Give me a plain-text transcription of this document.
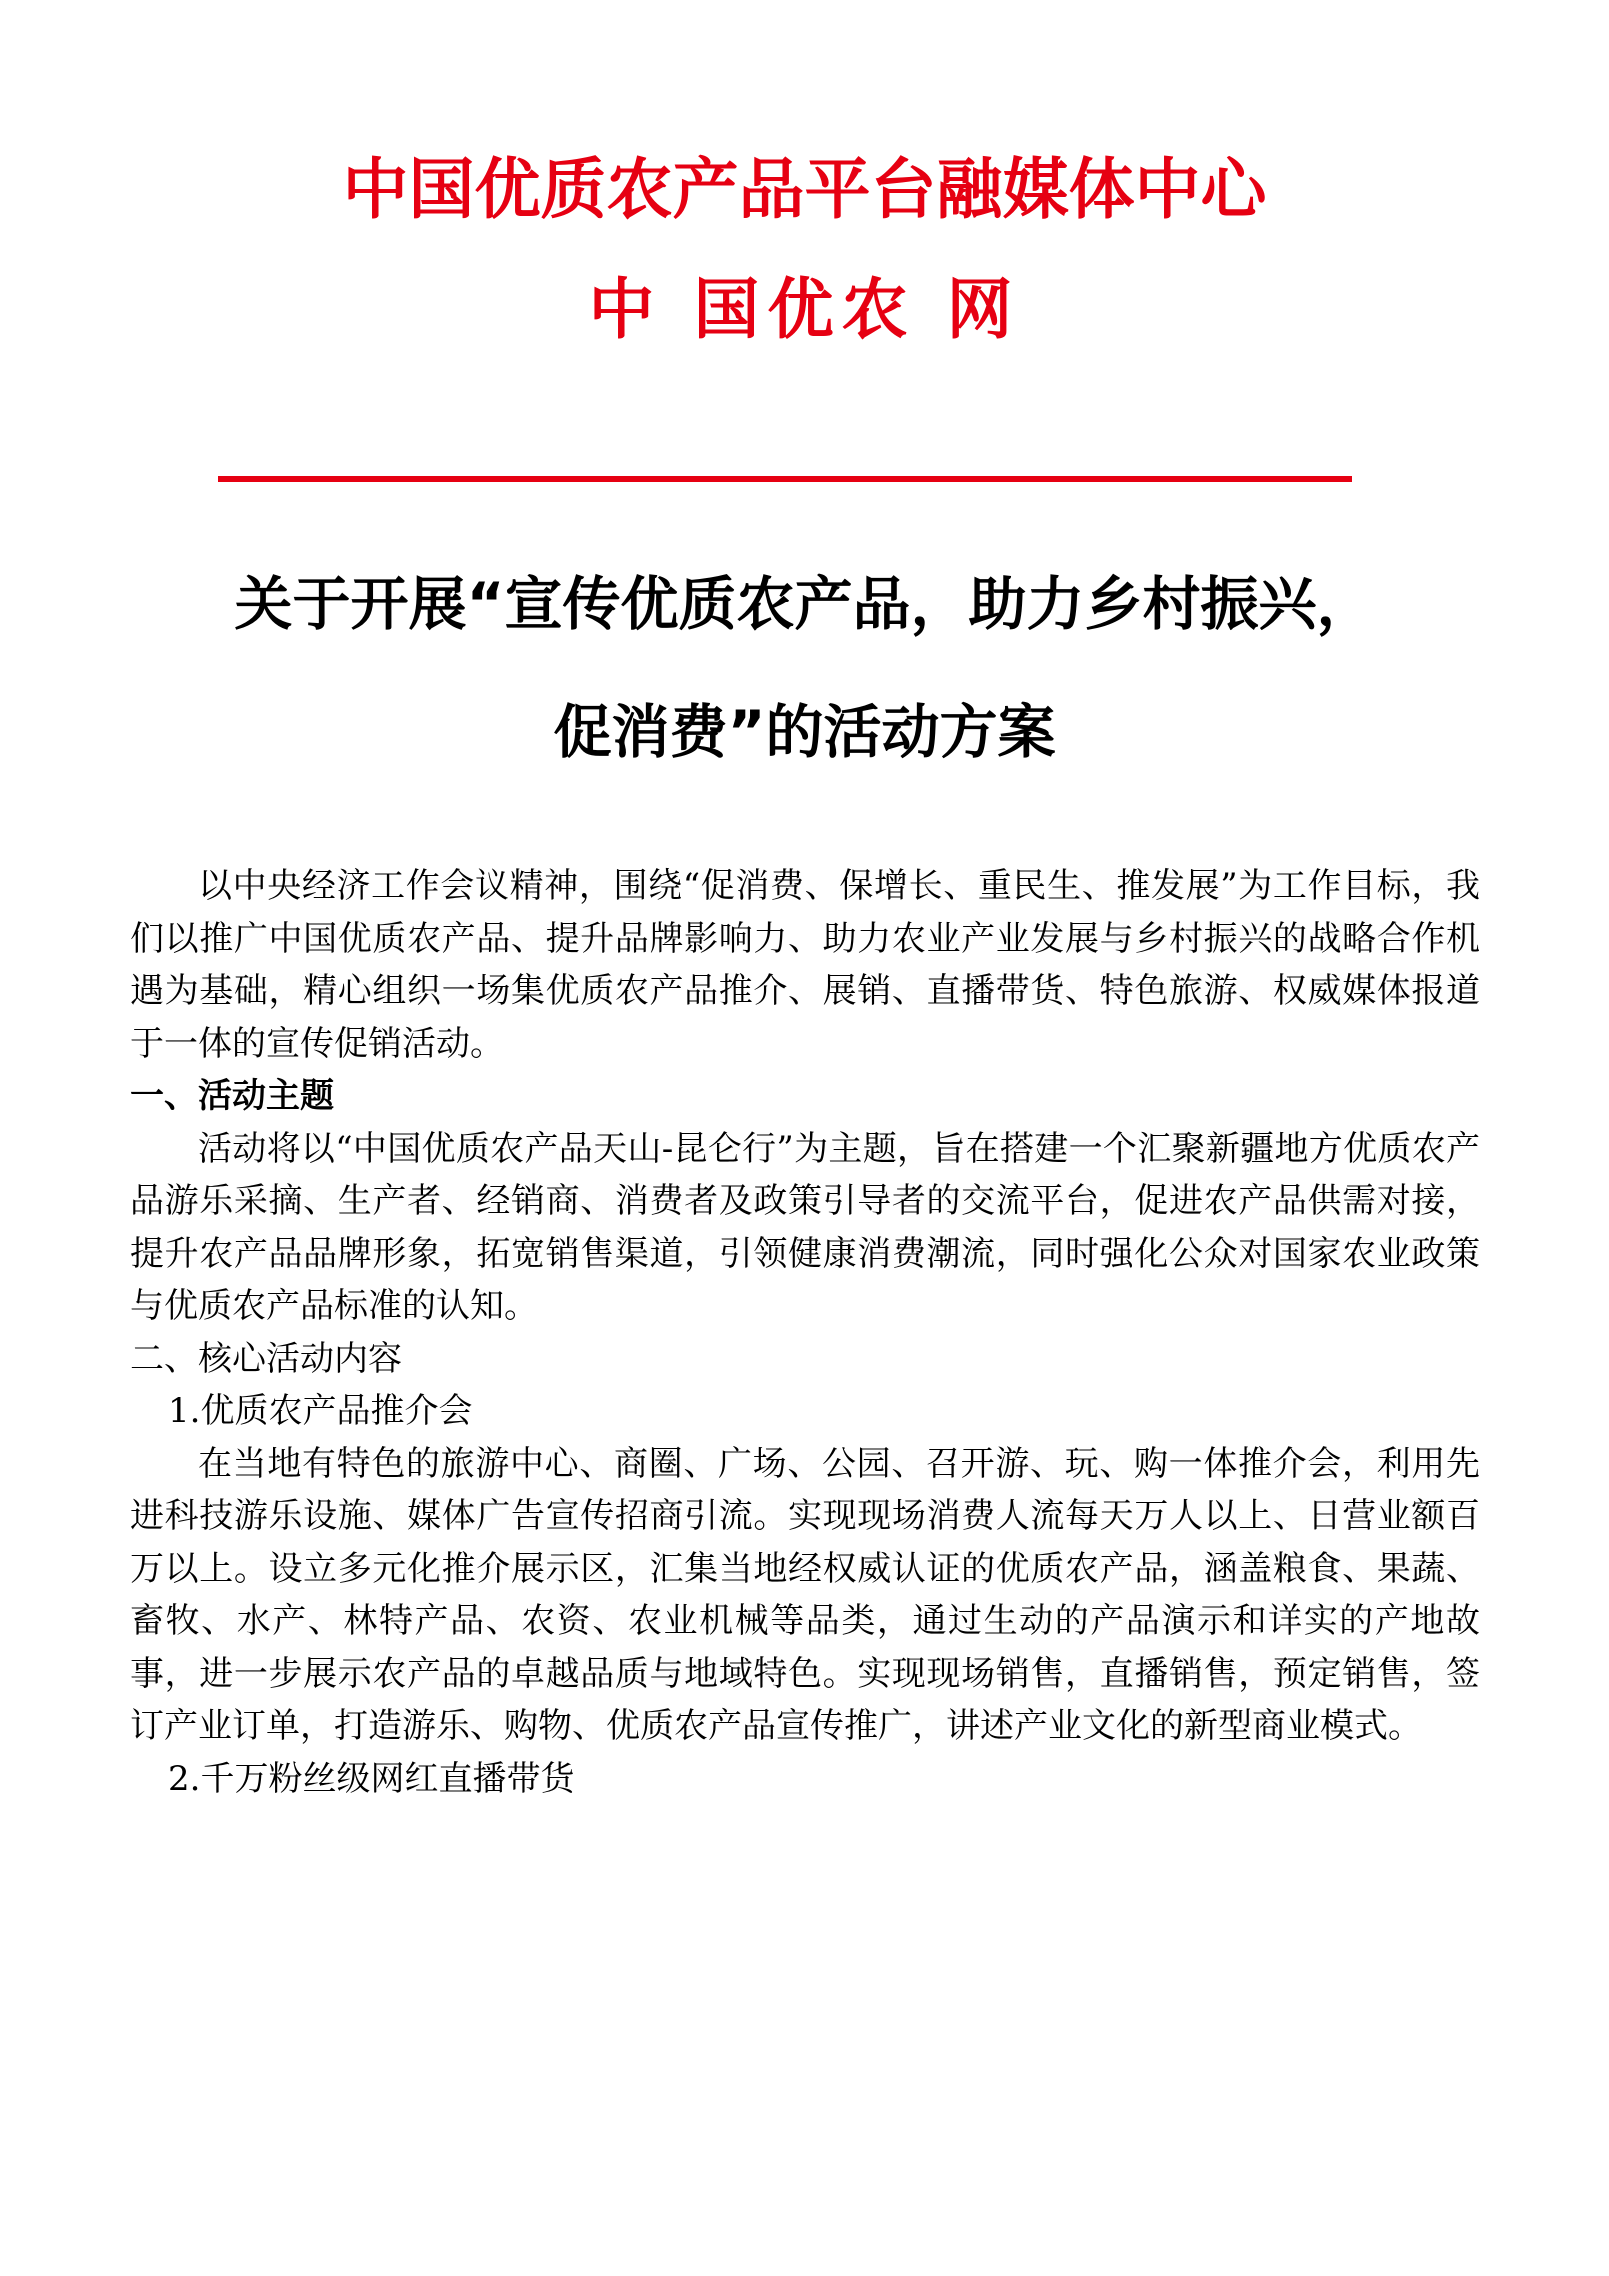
中国优质农产品平台融媒体中心
中 国优农 网
关于开展“宣传优质农产品，助力乡村振兴，
促消费”的活动方案

以中央经济工作会议精神，围绕“促消费、保增长、重民生、推发展”为工作目标，我们以推广中国优质农产品、提升品牌影响力、助力农业产业发展与乡村振兴的战略合作机遇为基础，精心组织一场集优质农产品推介、展销、直播带货、特色旅游、权威媒体报道于一体的宣传促销活动。

一、活动主题

活动将以“中国优质农产品天山-昆仑行”为主题，旨在搭建一个汇聚新疆地方优质农产品游乐采摘、生产者、经销商、消费者及政策引导者的交流平台，促进农产品供需对接，提升农产品品牌形象，拓宽销售渠道，引领健康消费潮流，同时强化公众对国家农业政策与优质农产品标准的认知。

二、核心活动内容

1.优质农产品推介会

在当地有特色的旅游中心、商圈、广场、公园、召开游、玩、购一体推介会，利用先进科技游乐设施、媒体广告宣传招商引流。实现现场消费人流每天万人以上、日营业额百万以上。设立多元化推介展示区，汇集当地经权威认证的优质农产品，涵盖粮食、果蔬、畜牧、水产、林特产品、农资、农业机械等品类，通过生动的产品演示和详实的产地故事，进一步展示农产品的卓越品质与地域特色。实现现场销售，直播销售，预定销售，签订产业订单，打造游乐、购物、优质农产品宣传推广，讲述产业文化的新型商业模式。

2.千万粉丝级网红直播带货
